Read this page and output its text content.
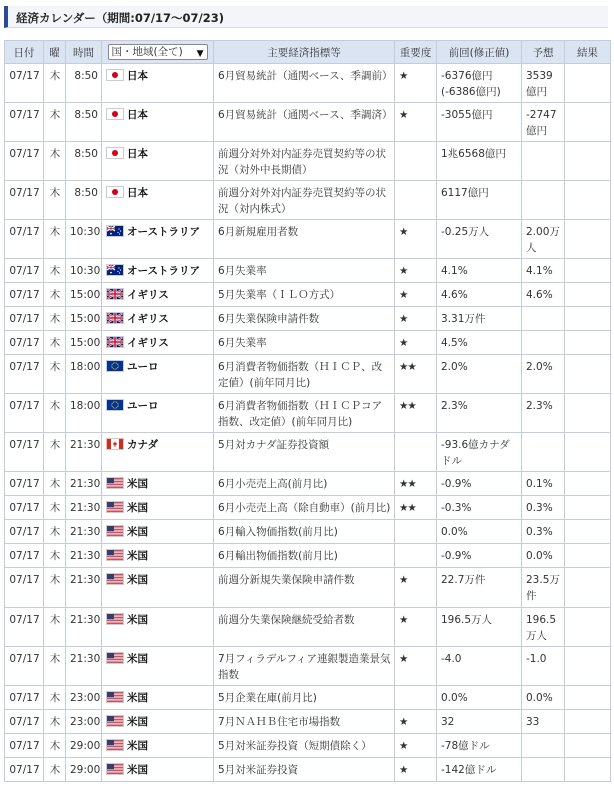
経済カレンダー（期間:07/17～07/23)
日付	曜	時間	国・地域(全て) ▼	主要経済指標等	重要度	前回(修正値)	予想	結果
07/17	木	8:50	日本	6月貿易統計（通関ベース、季調前）	★	-6376億円(-6386億円)	3539億円	
07/17	木	8:50	日本	6月貿易統計（通関ベース、季調済）	★	-3055億円	-2747億円	
07/17	木	8:50	日本	前週分対外対内証券売買契約等の状況（対外中長期債）		1兆6568億円		
07/17	木	8:50	日本	前週分対外対内証券売買契約等の状況（対内株式）		6117億円		
07/17	木	10:30	オーストラリア	6月新規雇用者数	★	-0.25万人	2.00万人	
07/17	木	10:30	オーストラリア	6月失業率	★	4.1%	4.1%	
07/17	木	15:00	イギリス	5月失業率（ＩＬＯ方式）	★	4.6%	4.6%	
07/17	木	15:00	イギリス	6月失業保険申請件数	★	3.31万件		
07/17	木	15:00	イギリス	6月失業率	★	4.5%		
07/17	木	18:00	ユーロ	6月消費者物価指数（ＨＩＣＰ、改定値）(前年同月比)	★★	2.0%	2.0%	
07/17	木	18:00	ユーロ	6月消費者物価指数（ＨＩＣＰコア指数、改定値）(前年同月比)	★★	2.3%	2.3%	
07/17	木	21:30	カナダ	5月対カナダ証券投資額		-93.6億カナダドル		
07/17	木	21:30	米国	6月小売売上高(前月比)	★★	-0.9%	0.1%	
07/17	木	21:30	米国	6月小売売上高（除自動車）(前月比)	★★	-0.3%	0.3%	
07/17	木	21:30	米国	6月輸入物価指数(前月比)		0.0%	0.3%	
07/17	木	21:30	米国	6月輸出物価指数(前月比)		-0.9%	0.0%	
07/17	木	21:30	米国	前週分新規失業保険申請件数	★	22.7万件	23.5万件	
07/17	木	21:30	米国	前週分失業保険継続受給者数	★	196.5万人	196.5万人	
07/17	木	21:30	米国	7月フィラデルフィア連銀製造業景気指数	★	-4.0	-1.0	
07/17	木	23:00	米国	5月企業在庫(前月比)		0.0%	0.0%	
07/17	木	23:00	米国	7月ＮＡＨＢ住宅市場指数	★	32	33	
07/17	木	29:00	米国	5月対米証券投資（短期債除く）	★	-78億ドル		
07/17	木	29:00	米国	5月対米証券投資	★	-142億ドル		
